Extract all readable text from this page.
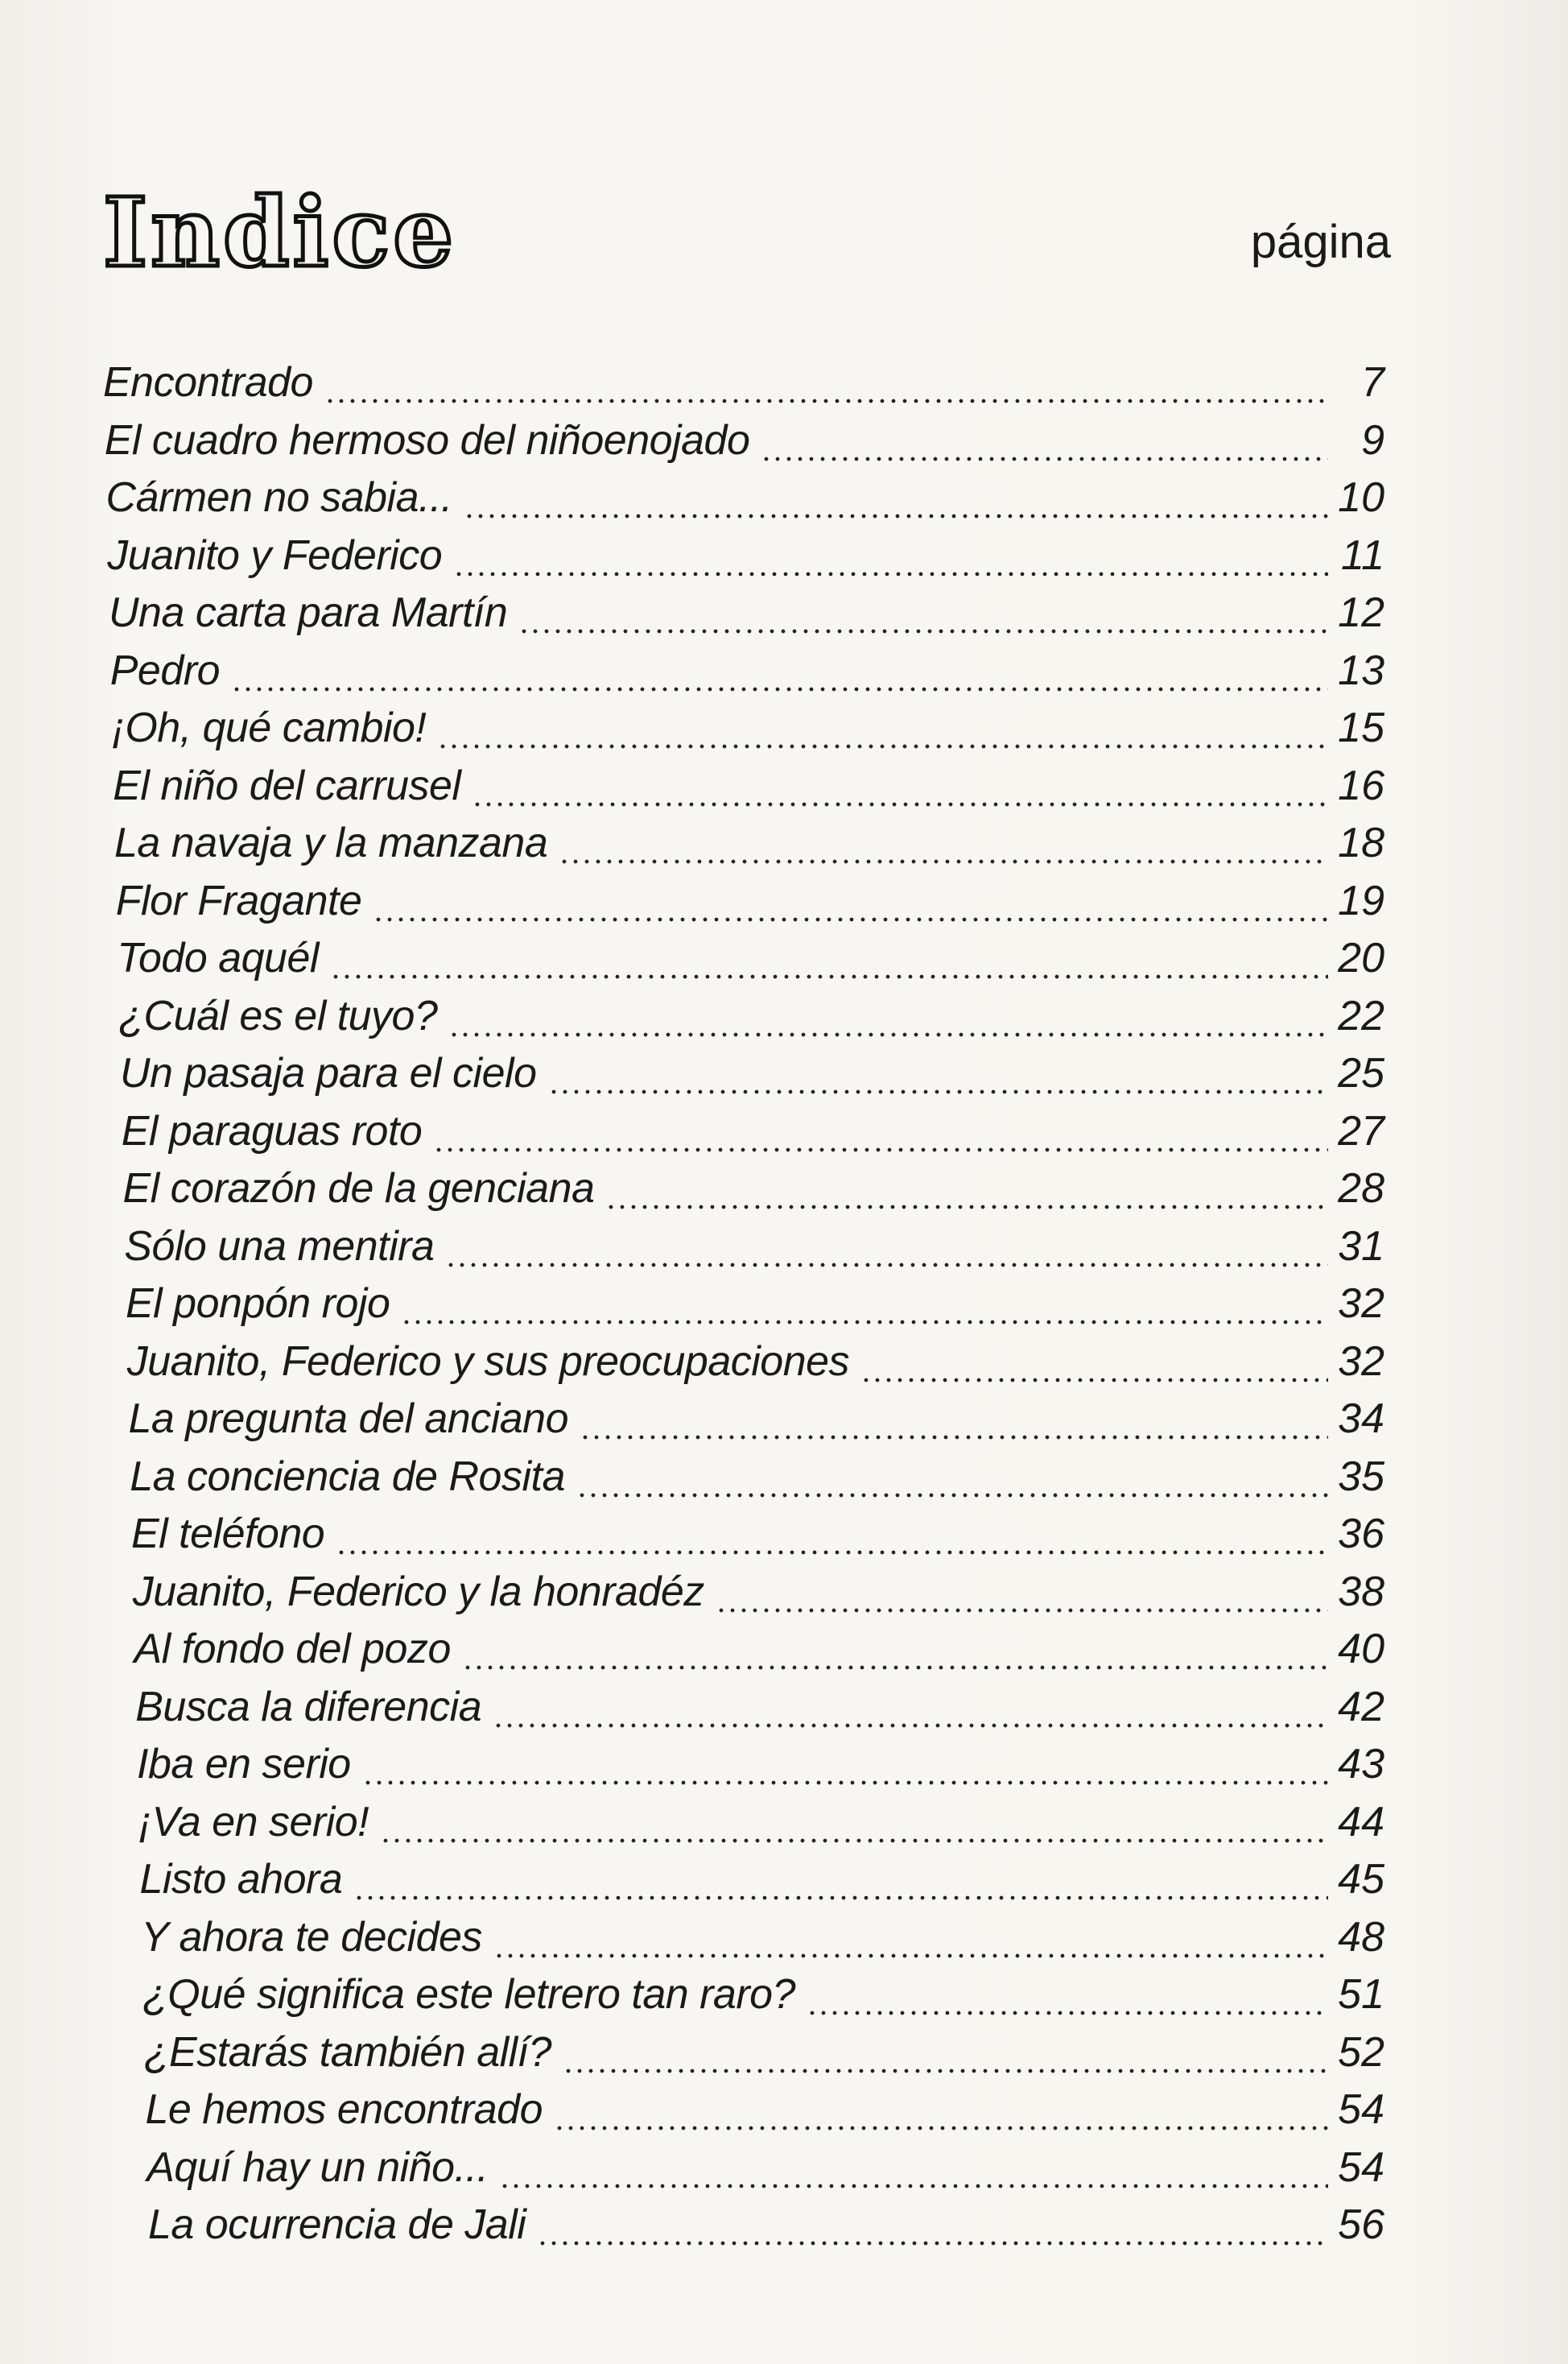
Indice	página
Encontrado	7
El cuadro hermoso del niñoenojado	9
Cármen no sabia...	10
Juanito y Federico	11
Una carta para Martín	12
Pedro	13
¡Oh, qué cambio!	15
El niño del carrusel	16
La navaja y la manzana	18
Flor Fragante	19
Todo aquél	20
¿Cuál es el tuyo?	22
Un pasaja para el cielo	25
El paraguas roto	27
El corazón de la genciana	28
Sólo una mentira	31
El ponpón rojo	32
Juanito, Federico y sus preocupaciones	32
La pregunta del anciano	34
La conciencia de Rosita	35
El teléfono	36
Juanito, Federico y la honradéz	38
Al fondo del pozo	40
Busca la diferencia	42
Iba en serio	43
¡Va en serio!	44
Listo ahora	45
Y ahora te decides	48
¿Qué significa este letrero tan raro?	51
¿Estarás también allí?	52
Le hemos encontrado	54
Aquí hay un niño...	54
La ocurrencia de Jali	56
